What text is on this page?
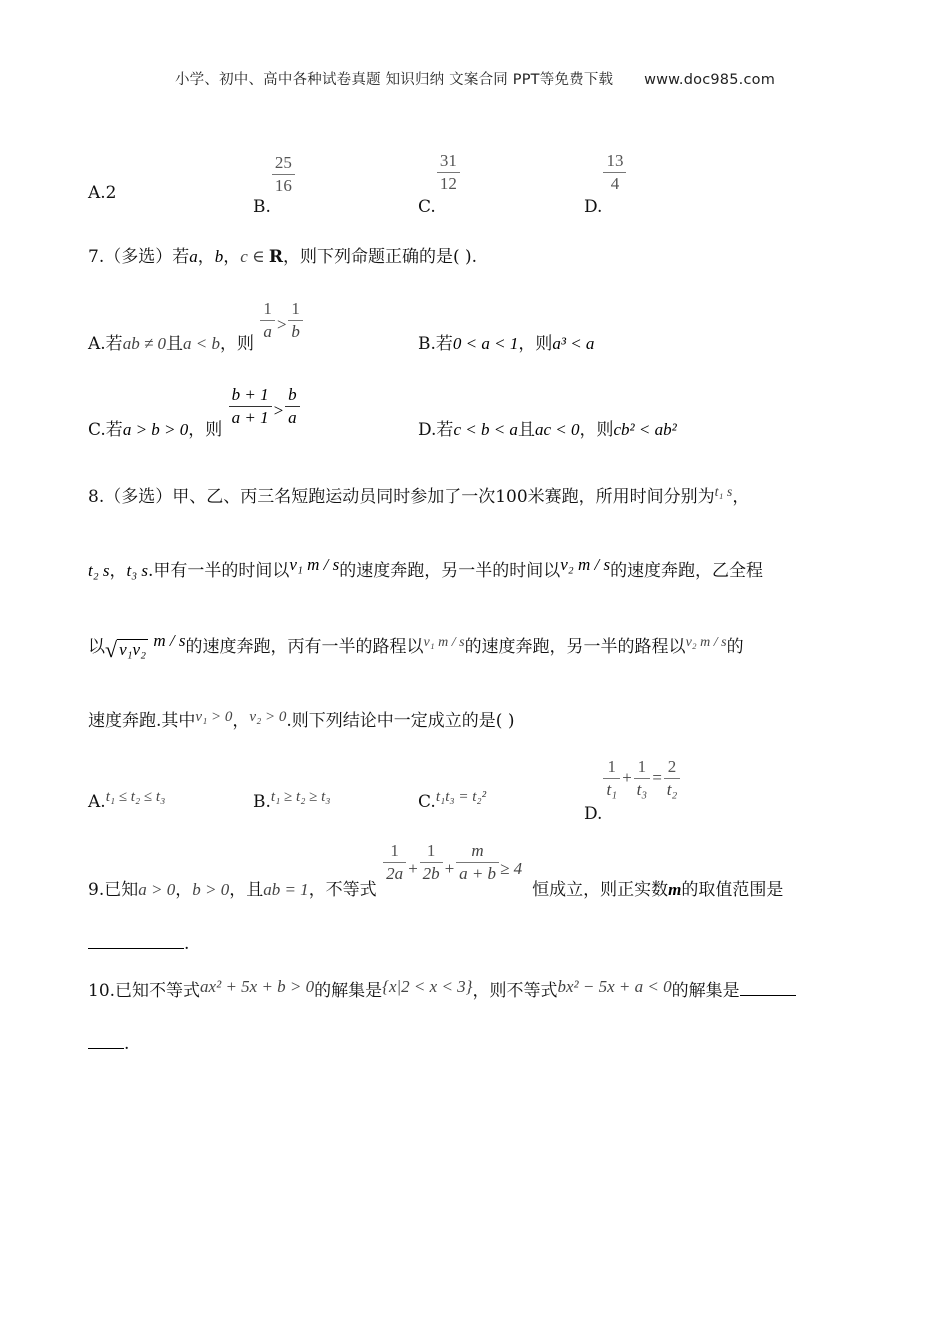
小学、初中、高中各种试卷真题 知识归纳 文案合同 PPT等免费下载 www.doc985.com
A.2
B.
$\frac{25}{16}$
C.
$\frac{31}{12}$
D.
$\frac{13}{4}$
7.（多选）若a，b，c ∈ R，则下列命题正确的是( ).
A.若ab ≠ 0且a < b，则
$\frac{1}{a} > \frac{1}{b}$
B.若0 < a < 1，则a³ < a
C.若a > b > 0，则
$\frac{b + 1}{a + 1} > \frac{b}{a}$
D.若c < b < a且ac < 0，则cb² < ab²
8.（多选）甲、乙、丙三名短跑运动员同时参加了一次100米赛跑，所用时间分别为$^{t_1 s}$，
t₂ s，t₃ s.甲有一半的时间以v₁ m / s的速度奔跑，另一半的时间以v₂ m / s的速度奔跑，乙全程
以√ v₁v₂ m / s的速度奔跑，丙有一半的路程以$^{v_1 m / s}$的速度奔跑，另一半的路程以$^{v_2 m / s}$的
速度奔跑.其中v₁ > 0，v₂ > 0.则下列结论中一定成立的是( )
A.t₁ ≤ t₂ ≤ t₃	B.t₁ ≥ t₂ ≥ t₃	C.t₁t₃ = t₂²
D.
$\frac{1}{\text{t₁}} + \frac{1}{\text{t₃}} = \frac{2}{\text{t₂}}$
9.已知a > 0，b > 0，且ab = 1，不等式
$\frac{1}{2a} + \frac{1}{2b} + \frac{m}{a + b} \ge 4$恒成立，则正实数m的取值范围是
.
10.已知不等式ax² + 5x + b > 0的解集是{x|2 < x < 3}，则不等式bx² − 5x + a < 0的解集是
.
